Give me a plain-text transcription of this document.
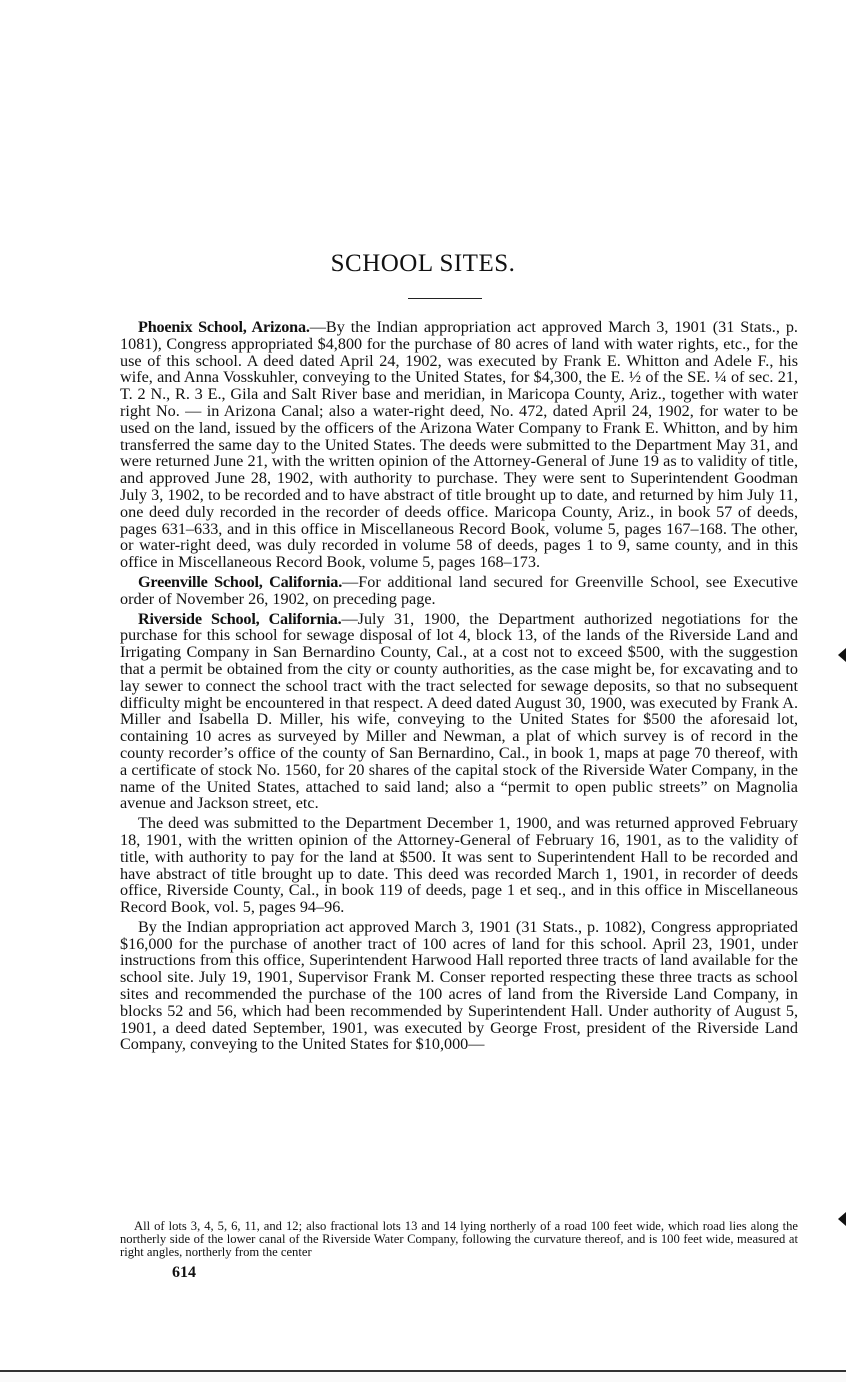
SCHOOL SITES.

Phoenix School, Arizona.—By the Indian appropriation act approved March 3, 1901 (31 Stats., p. 1081), Congress appropriated $4,800 for the purchase of 80 acres of land with water rights, etc., for the use of this school. A deed dated April 24, 1902, was executed by Frank E. Whitton and Adele F., his wife, and Anna Vosskuhler, conveying to the United States, for $4,300, the E. ½ of the SE. ¼ of sec. 21, T. 2 N., R. 3 E., Gila and Salt River base and meridian, in Maricopa County, Ariz., together with water right No. — in Arizona Canal; also a water-right deed, No. 472, dated April 24, 1902, for water to be used on the land, issued by the officers of the Arizona Water Company to Frank E. Whitton, and by him transferred the same day to the United States. The deeds were submitted to the Department May 31, and were returned June 21, with the written opinion of the Attorney-General of June 19 as to validity of title, and approved June 28, 1902, with authority to purchase. They were sent to Superintendent Goodman July 3, 1902, to be recorded and to have abstract of title brought up to date, and returned by him July 11, one deed duly recorded in the recorder of deeds office. Maricopa County, Ariz., in book 57 of deeds, pages 631–633, and in this office in Miscellaneous Record Book, volume 5, pages 167–168. The other, or water-right deed, was duly recorded in volume 58 of deeds, pages 1 to 9, same county, and in this office in Miscellaneous Record Book, volume 5, pages 168–173.

Greenville School, California.—For additional land secured for Greenville School, see Executive order of November 26, 1902, on preceding page.

Riverside School, California.—July 31, 1900, the Department authorized negotiations for the purchase for this school for sewage disposal of lot 4, block 13, of the lands of the Riverside Land and Irrigating Company in San Bernardino County, Cal., at a cost not to exceed $500, with the suggestion that a permit be obtained from the city or county authorities, as the case might be, for excavating and to lay sewer to connect the school tract with the tract selected for sewage deposits, so that no subsequent difficulty might be encountered in that respect. A deed dated August 30, 1900, was executed by Frank A. Miller and Isabella D. Miller, his wife, conveying to the United States for $500 the aforesaid lot, containing 10 acres as surveyed by Miller and Newman, a plat of which survey is of record in the county recorder’s office of the county of San Bernardino, Cal., in book 1, maps at page 70 thereof, with a certificate of stock No. 1560, for 20 shares of the capital stock of the Riverside Water Company, in the name of the United States, attached to said land; also a “permit to open public streets” on Magnolia avenue and Jackson street, etc.

The deed was submitted to the Department December 1, 1900, and was returned approved February 18, 1901, with the written opinion of the Attorney-General of February 16, 1901, as to the validity of title, with authority to pay for the land at $500. It was sent to Superintendent Hall to be recorded and have abstract of title brought up to date. This deed was recorded March 1, 1901, in recorder of deeds office, Riverside County, Cal., in book 119 of deeds, page 1 et seq., and in this office in Miscellaneous Record Book, vol. 5, pages 94–96.

By the Indian appropriation act approved March 3, 1901 (31 Stats., p. 1082), Congress appropriated $16,000 for the purchase of another tract of 100 acres of land for this school. April 23, 1901, under instructions from this office, Superintendent Harwood Hall reported three tracts of land available for the school site. July 19, 1901, Supervisor Frank M. Conser reported respecting these three tracts as school sites and recommended the purchase of the 100 acres of land from the Riverside Land Company, in blocks 52 and 56, which had been recommended by Superintendent Hall. Under authority of August 5, 1901, a deed dated September, 1901, was executed by George Frost, president of the Riverside Land Company, conveying to the United States for $10,000—

All of lots 3, 4, 5, 6, 11, and 12; also fractional lots 13 and 14 lying northerly of a road 100 feet wide, which road lies along the northerly side of the lower canal of the Riverside Water Company, following the curvature thereof, and is 100 feet wide, measured at right angles, northerly from the center

614
